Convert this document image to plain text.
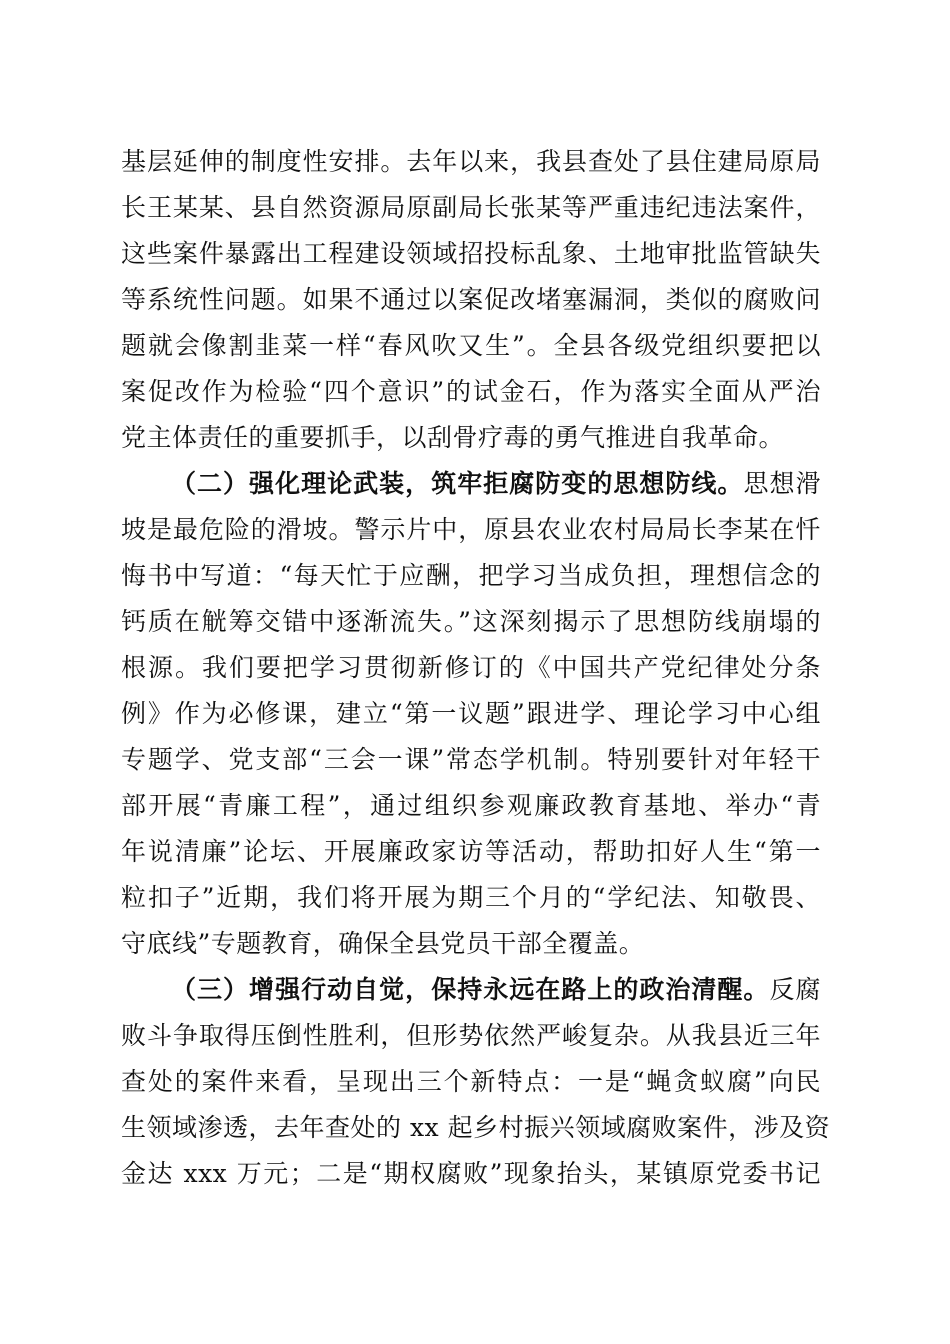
基层延伸的制度性安排。去年以来，我县查处了县住建局原局
长王某某、县自然资源局原副局长张某等严重违纪违法案件，
这些案件暴露出工程建设领域招投标乱象、土地审批监管缺失
等系统性问题。如果不通过以案促改堵塞漏洞，类似的腐败问
题就会像割韭菜一样“春风吹又生”。全县各级党组织要把以
案促改作为检验“四个意识”的试金石，作为落实全面从严治
党主体责任的重要抓手，以刮骨疗毒的勇气推进自我革命。
（二）强化理论武装，筑牢拒腐防变的思想防线。思想滑
坡是最危险的滑坡。警示片中，原县农业农村局局长李某在忏
悔书中写道：“每天忙于应酬，把学习当成负担，理想信念的
钙质在觥筹交错中逐渐流失。”这深刻揭示了思想防线崩塌的
根源。我们要把学习贯彻新修订的《中国共产党纪律处分条
例》作为必修课，建立“第一议题”跟进学、理论学习中心组
专题学、党支部“三会一课”常态学机制。特别要针对年轻干
部开展“青廉工程”，通过组织参观廉政教育基地、举办“青
年说清廉”论坛、开展廉政家访等活动，帮助扣好人生“第一
粒扣子”近期，我们将开展为期三个月的“学纪法、知敬畏、
守底线”专题教育，确保全县党员干部全覆盖。
（三）增强行动自觉，保持永远在路上的政治清醒。反腐
败斗争取得压倒性胜利，但形势依然严峻复杂。从我县近三年
查处的案件来看，呈现出三个新特点：一是“蝇贪蚁腐”向民
生领域渗透，去年查处的 xx 起乡村振兴领域腐败案件，涉及资
金达 xxx 万元；二是“期权腐败”现象抬头，某镇原党委书记
